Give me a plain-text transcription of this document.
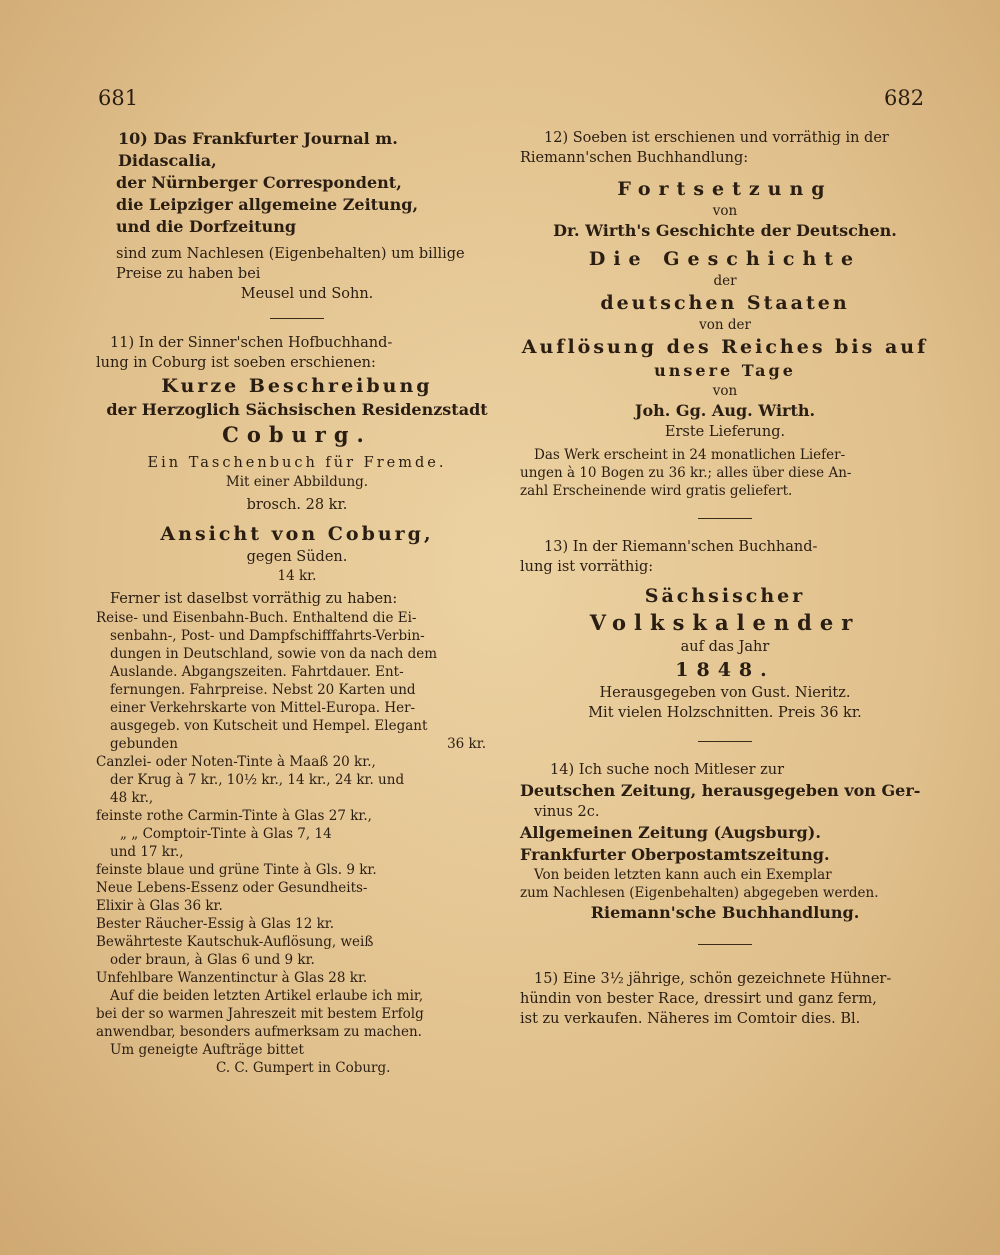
681	682
10) Das Frankfurter Journal m. Didascalia,
der Nürnberger Correspondent,
die Leipziger allgemeine Zeitung,
und die Dorfzeitung
sind zum Nachlesen (Eigenbehalten) um billige
Preise zu haben bei
Meusel und Sohn.
11) In der Sinner'schen Hofbuchhand-
lung in Coburg ist soeben erschienen:
Kurze Beschreibung
der Herzoglich Sächsischen Residenzstadt
Coburg.
Ein Taschenbuch für Fremde.
Mit einer Abbildung.
brosch. 28 kr.
Ansicht von Coburg,
gegen Süden.
14 kr.
Ferner ist daselbst vorräthig zu haben:
Reise- und Eisenbahn-Buch. Enthaltend die Ei-
senbahn-, Post- und Dampfschifffahrts-Verbin-
dungen in Deutschland, sowie von da nach dem
Auslande. Abgangszeiten. Fahrtdauer. Ent-
fernungen. Fahrpreise. Nebst 20 Karten und
einer Verkehrskarte von Mittel-Europa. Her-
ausgegeb. von Kutscheit und Hempel. Elegant
gebunden	36 kr.
Canzlei- oder Noten-Tinte à Maaß 20 kr.,
der Krug à 7 kr., 10½ kr., 14 kr., 24 kr. und
48 kr.,
feinste rothe Carmin-Tinte à Glas 27 kr.,
„ „ Comptoir-Tinte à Glas 7, 14
und 17 kr.,
feinste blaue und grüne Tinte à Gls. 9 kr.
Neue Lebens-Essenz oder Gesundheits-
Elixir à Glas 36 kr.
Bester Räucher-Essig à Glas 12 kr.
Bewährteste Kautschuk-Auflösung, weiß
oder braun, à Glas 6 und 9 kr.
Unfehlbare Wanzentinctur à Glas 28 kr.
Auf die beiden letzten Artikel erlaube ich mir,
bei der so warmen Jahreszeit mit bestem Erfolg
anwendbar, besonders aufmerksam zu machen.
Um geneigte Aufträge bittet
C. C. Gumpert in Coburg.
12) Soeben ist erschienen und vorräthig in der
Riemann'schen Buchhandlung:
Fortsetzung
von
Dr. Wirth's Geschichte der Deutschen.
Die Geschichte
der
deutschen Staaten
von der
Auflösung des Reiches bis auf
unsere Tage
von
Joh. Gg. Aug. Wirth.
Erste Lieferung.
Das Werk erscheint in 24 monatlichen Liefer-
ungen à 10 Bogen zu 36 kr.; alles über diese An-
zahl Erscheinende wird gratis geliefert.
13) In der Riemann'schen Buchhand-
lung ist vorräthig:
Sächsischer
Volkskalender
auf das Jahr
1848.
Herausgegeben von Gust. Nieritz.
Mit vielen Holzschnitten. Preis 36 kr.
14) Ich suche noch Mitleser zur
Deutschen Zeitung, herausgegeben von Ger-
vinus 2c.
Allgemeinen Zeitung (Augsburg).
Frankfurter Oberpostamtszeitung.
Von beiden letzten kann auch ein Exemplar
zum Nachlesen (Eigenbehalten) abgegeben werden.
Riemann'sche Buchhandlung.
15) Eine 3½ jährige, schön gezeichnete Hühner-
hündin von bester Race, dressirt und ganz ferm,
ist zu verkaufen. Näheres im Comtoir dies. Bl.
